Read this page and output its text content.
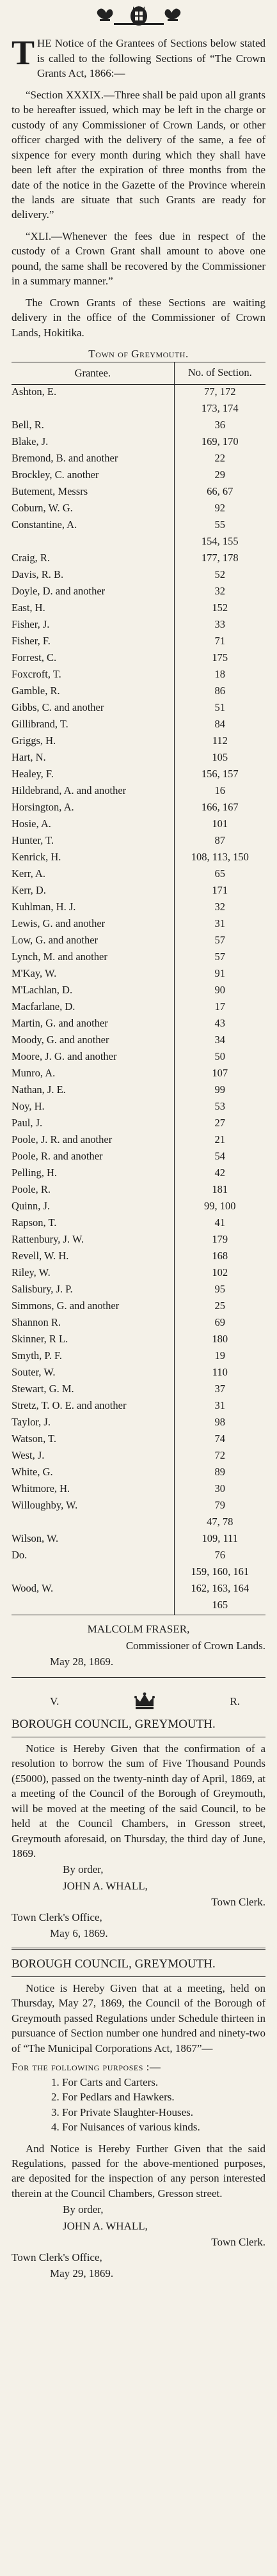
THE Notice of the Grantees of Sections below stated is called to the following Sections of “The Crown Grants Act, 1866:—

“Section XXXIX.—Three shall be paid upon all grants to be hereafter issued, which may be left in the charge or custody of any Commissioner of Crown Lands, or other officer charged with the delivery of the same, a fee of sixpence for every month during which they shall have been left after the expiration of three months from the date of the notice in the Gazette of the Province wherein the lands are situate that such Grants are ready for delivery.”

“XLI.—Whenever the fees due in respect of the custody of a Crown Grant shall amount to above one pound, the same shall be recovered by the Commissioner in a summary manner.”

The Crown Grants of these Sections are waiting delivery in the office of the Commissioner of Crown Lands, Hokitika.

Town of Greymouth.

Grantee.	No. of Section.
Ashton, E.	77, 172
	173, 174
Bell, R.	36
Blake, J.	169, 170
Bremond, B. and another	22
Brockley, C. another	29
Butement, Messrs	66, 67
Coburn, W. G.	92
Constantine, A.	55
	154, 155
Craig, R.	177, 178
Davis, R. B.	52
Doyle, D. and another	32
East, H.	152
Fisher, J.	33
Fisher, F.	71
Forrest, C.	175
Foxcroft, T.	18
Gamble, R.	86
Gibbs, C. and another	51
Gillibrand, T.	84
Griggs, H.	112
Hart, N.	105
Healey, F.	156, 157
Hildebrand, A. and another	16
Horsington, A.	166, 167
Hosie, A.	101
Hunter, T.	87
Kenrick, H.	108, 113, 150
Kerr, A.	65
Kerr, D.	171
Kuhlman, H. J.	32
Lewis, G. and another	31
Low, G. and another	57
Lynch, M. and another	57
M'Kay, W.	91
M'Lachlan, D.	90
Macfarlane, D.	17
Martin, G. and another	43
Moody, G. and another	34
Moore, J. G. and another	50
Munro, A.	107
Nathan, J. E.	99
Noy, H.	53
Paul, J.	27
Poole, J. R. and another	21
Poole, R. and another	54
Pelling, H.	42
Poole, R.	181
Quinn, J.	99, 100
Rapson, T.	41
Rattenbury, J. W.	179
Revell, W. H.	168
Riley, W.	102
Salisbury, J. P.	95
Simmons, G. and another	25
Shannon R.	69
Skinner, R L.	180
Smyth, P. F.	19
Souter, W.	110
Stewart, G. M.	37
Stretz, T. O. E. and another	31
Taylor, J.	98
Watson, T.	74
West, J.	72
White, G.	89
Whitmore, H.	30
Willoughby, W.	79
	47, 78
Wilson, W.	109, 111
Do.	76
	159, 160, 161
Wood, W.	162, 163, 164
	165

MALCOLM FRASER,

Commissioner of Crown Lands.

May 28, 1869.

V.	R.

BOROUGH COUNCIL, GREYMOUTH.

Notice is Hereby Given that the confirmation of a resolution to borrow the sum of Five Thousand Pounds (£5000), passed on the twenty-ninth day of April, 1869, at a meeting of the Council of the Borough of Greymouth, will be moved at the meeting of the said Council, to be held at the Council Chambers, in Gresson street, Greymouth aforesaid, on Thursday, the third day of June, 1869.

By order,

JOHN A. WHALL,

Town Clerk.

Town Clerk's Office,

May 6, 1869.

BOROUGH COUNCIL, GREYMOUTH.

Notice is Hereby Given that at a meeting, held on Thursday, May 27, 1869, the Council of the Borough of Greymouth passed Regulations under Schedule thirteen in pursuance of Section number one hundred and ninety-two of “The Municipal Corporations Act, 1867”—

For the following purposes :—

1. For Carts and Carters.

2. For Pedlars and Hawkers.

3. For Private Slaughter-Houses.

4. For Nuisances of various kinds.

And Notice is Hereby Further Given that the said Regulations, passed for the above-mentioned purposes, are deposited for the inspection of any person interested therein at the Council Chambers, Gresson street.

By order,

JOHN A. WHALL,

Town Clerk.

Town Clerk's Office,

May 29, 1869.
